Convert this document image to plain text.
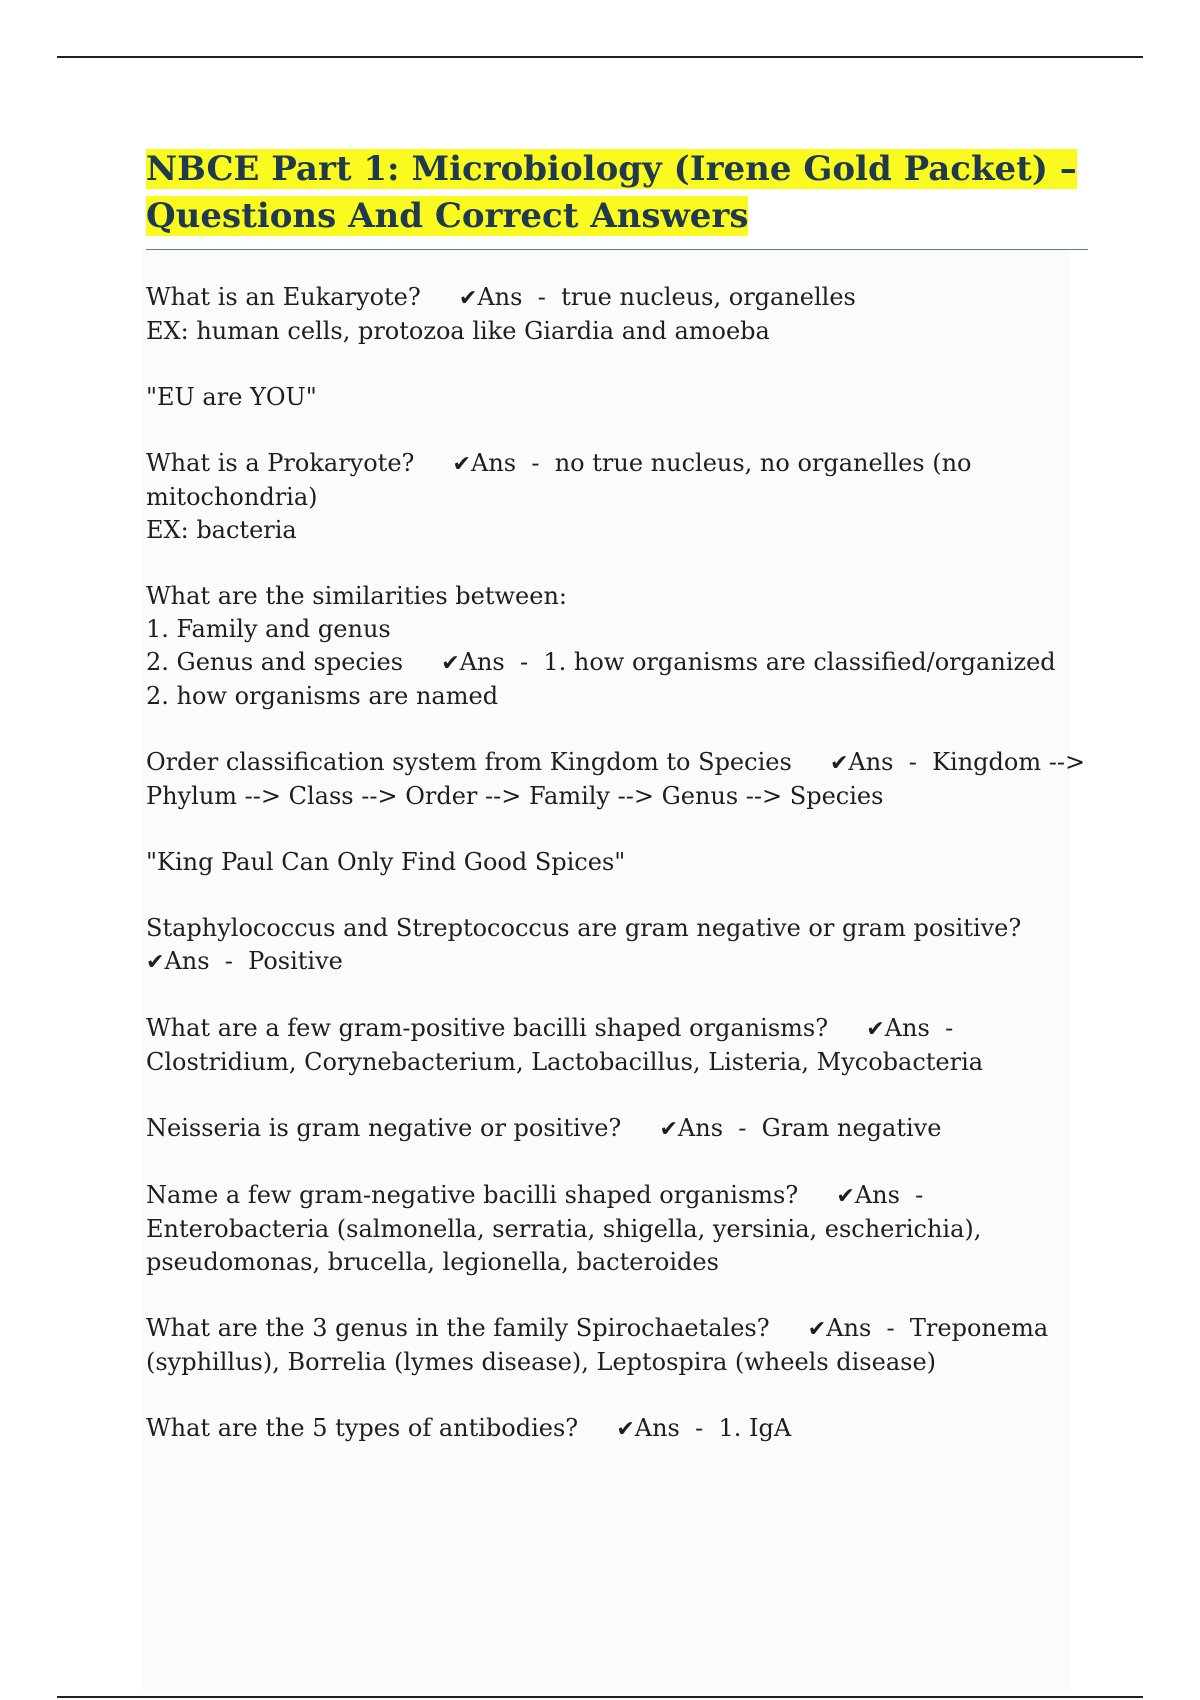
NBCE Part 1: Microbiology (Irene Gold Packet) –
Questions And Correct Answers
What is an Eukaryote? ✔Ans  -  true nucleus, organelles
EX: human cells, protozoa like Giardia and amoeba
"EU are YOU"
What is a Prokaryote? ✔Ans  -  no true nucleus, no organelles (no
mitochondria)
EX: bacteria
What are the similarities between:
1. Family and genus
2. Genus and species ✔Ans  -  1. how organisms are classified/organized
2. how organisms are named
Order classification system from Kingdom to Species ✔Ans  -  Kingdom -->
Phylum --> Class --> Order --> Family --> Genus --> Species
"King Paul Can Only Find Good Spices"
Staphylococcus and Streptococcus are gram negative or gram positive?
✔Ans  -  Positive
What are a few gram-positive bacilli shaped organisms? ✔Ans  -
Clostridium, Corynebacterium, Lactobacillus, Listeria, Mycobacteria
Neisseria is gram negative or positive? ✔Ans  -  Gram negative
Name a few gram-negative bacilli shaped organisms? ✔Ans  -
Enterobacteria (salmonella, serratia, shigella, yersinia, escherichia),
pseudomonas, brucella, legionella, bacteroides
What are the 3 genus in the family Spirochaetales? ✔Ans  -  Treponema
(syphillus), Borrelia (lymes disease), Leptospira (wheels disease)
What are the 5 types of antibodies? ✔Ans  -  1. IgA
